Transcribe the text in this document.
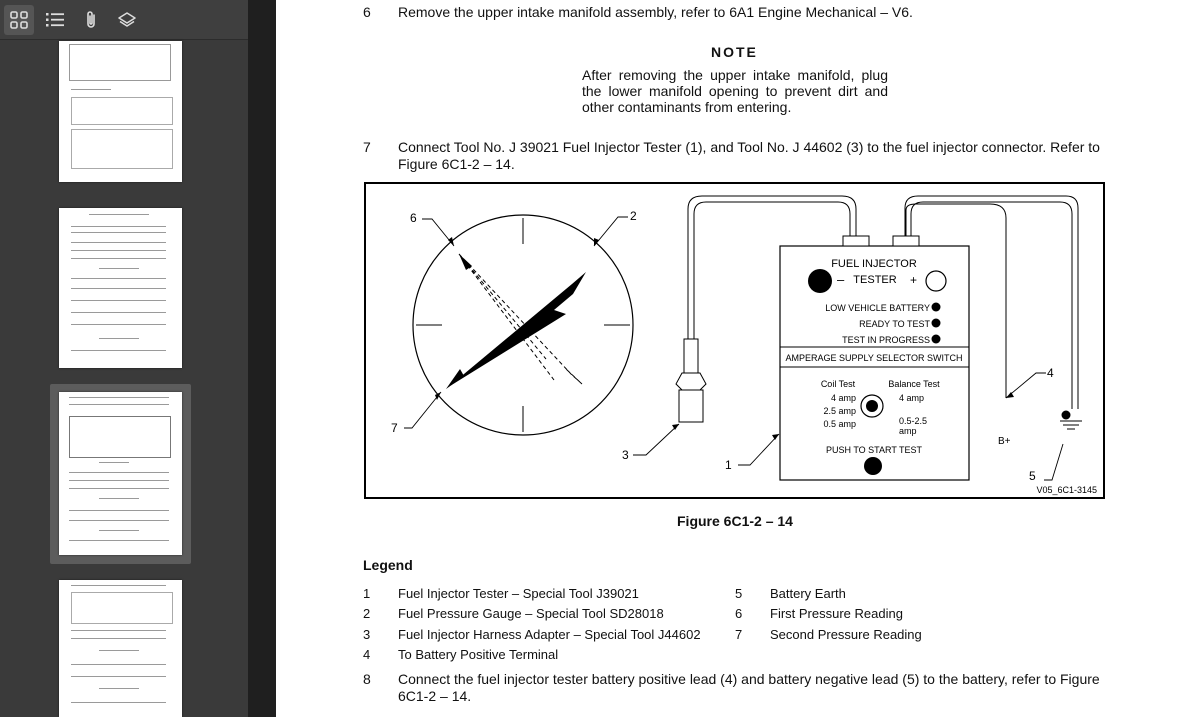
6 Remove the upper intake manifold assembly, refer to 6A1 Engine Mechanical – V6.
NOTE
After removing the upper intake manifold, plug the lower manifold opening to prevent dirt and other contaminants from entering.
7 Connect Tool No. J 39021 Fuel Injector Tester (1), and Tool No. J 44602 (3) to the fuel injector connector. Refer to Figure 6C1-2 – 14.
6	2
7
3
1
4
5
B+
FUEL INJECTOR
– TESTER +
LOW VEHICLE BATTERY
READY TO TEST
TEST IN PROGRESS
AMPERAGE SUPPLY SELECTOR SWITCH
Coil Test	Balance Test
4 amp
2.5 amp
0.5 amp
4 amp
0.5-2.5
amp
PUSH TO START TEST
V05_6C1-3145
Figure 6C1-2 – 14
Legend
1 Fuel Injector Tester – Special Tool J39021
2 Fuel Pressure Gauge – Special Tool SD28018
3 Fuel Injector Harness Adapter – Special Tool J44602
4 To Battery Positive Terminal
5 Battery Earth
6 First Pressure Reading
7 Second Pressure Reading
8 Connect the fuel injector tester battery positive lead (4) and battery negative lead (5) to the battery, refer to Figure 6C1-2 – 14.
